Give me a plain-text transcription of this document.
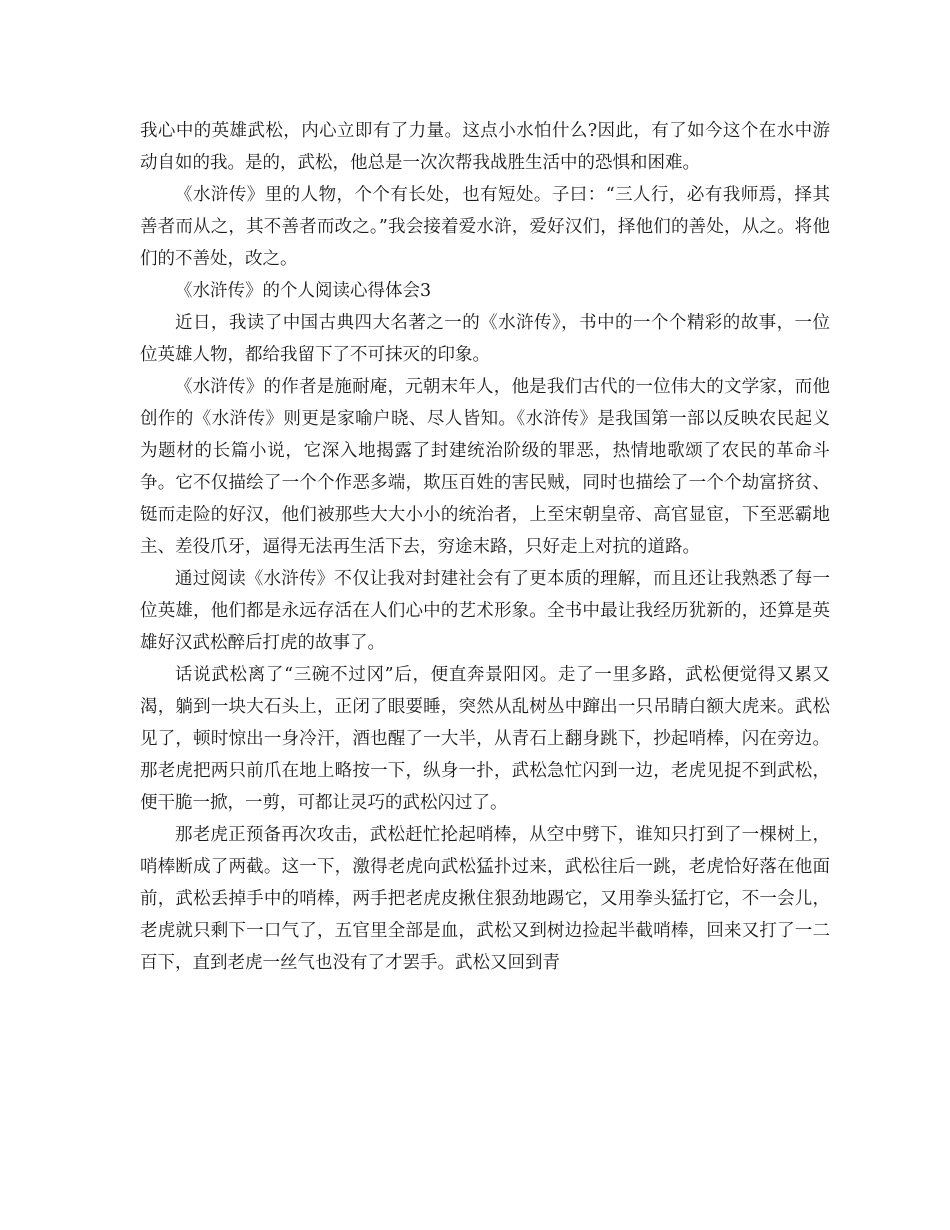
我心中的英雄武松，内心立即有了力量。这点小水怕什么?因此，有了如今这个在水中游动自如的我。是的，武松，他总是一次次帮我战胜生活中的恐惧和困难。

《水浒传》里的人物，个个有长处，也有短处。子曰：“三人行，必有我师焉，择其善者而从之，其不善者而改之。”我会接着爱水浒，爱好汉们，择他们的善处，从之。将他们的不善处，改之。

《水浒传》的个人阅读心得体会3

近日，我读了中国古典四大名著之一的《水浒传》，书中的一个个精彩的故事，一位位英雄人物，都给我留下了不可抹灭的印象。

《水浒传》的作者是施耐庵，元朝末年人，他是我们古代的一位伟大的文学家，而他创作的《水浒传》则更是家喻户晓、尽人皆知。《水浒传》是我国第一部以反映农民起义为题材的长篇小说，它深入地揭露了封建统治阶级的罪恶，热情地歌颂了农民的革命斗争。它不仅描绘了一个个作恶多端，欺压百姓的害民贼，同时也描绘了一个个劫富挤贫、铤而走险的好汉，他们被那些大大小小的统治者，上至宋朝皇帝、高官显宦，下至恶霸地主、差役爪牙，逼得无法再生活下去，穷途末路，只好走上对抗的道路。

通过阅读《水浒传》不仅让我对封建社会有了更本质的理解，而且还让我熟悉了每一位英雄，他们都是永远存活在人们心中的艺术形象。全书中最让我经历犹新的，还算是英雄好汉武松醉后打虎的故事了。

话说武松离了“三碗不过冈”后，便直奔景阳冈。走了一里多路，武松便觉得又累又渴，躺到一块大石头上，正闭了眼要睡，突然从乱树丛中蹿出一只吊睛白额大虎来。武松见了，顿时惊出一身冷汗，酒也醒了一大半，从青石上翻身跳下，抄起哨棒，闪在旁边。那老虎把两只前爪在地上略按一下，纵身一扑，武松急忙闪到一边，老虎见捉不到武松，便干脆一掀，一剪，可都让灵巧的武松闪过了。

那老虎正预备再次攻击，武松赶忙抡起哨棒，从空中劈下，谁知只打到了一棵树上，哨棒断成了两截。这一下，激得老虎向武松猛扑过来，武松往后一跳，老虎恰好落在他面前，武松丢掉手中的哨棒，两手把老虎皮揪住狠劲地踢它，又用拳头猛打它，不一会儿，老虎就只剩下一口气了，五官里全部是血，武松又到树边捡起半截哨棒，回来又打了一二百下，直到老虎一丝气也没有了才罢手。武松又回到青
